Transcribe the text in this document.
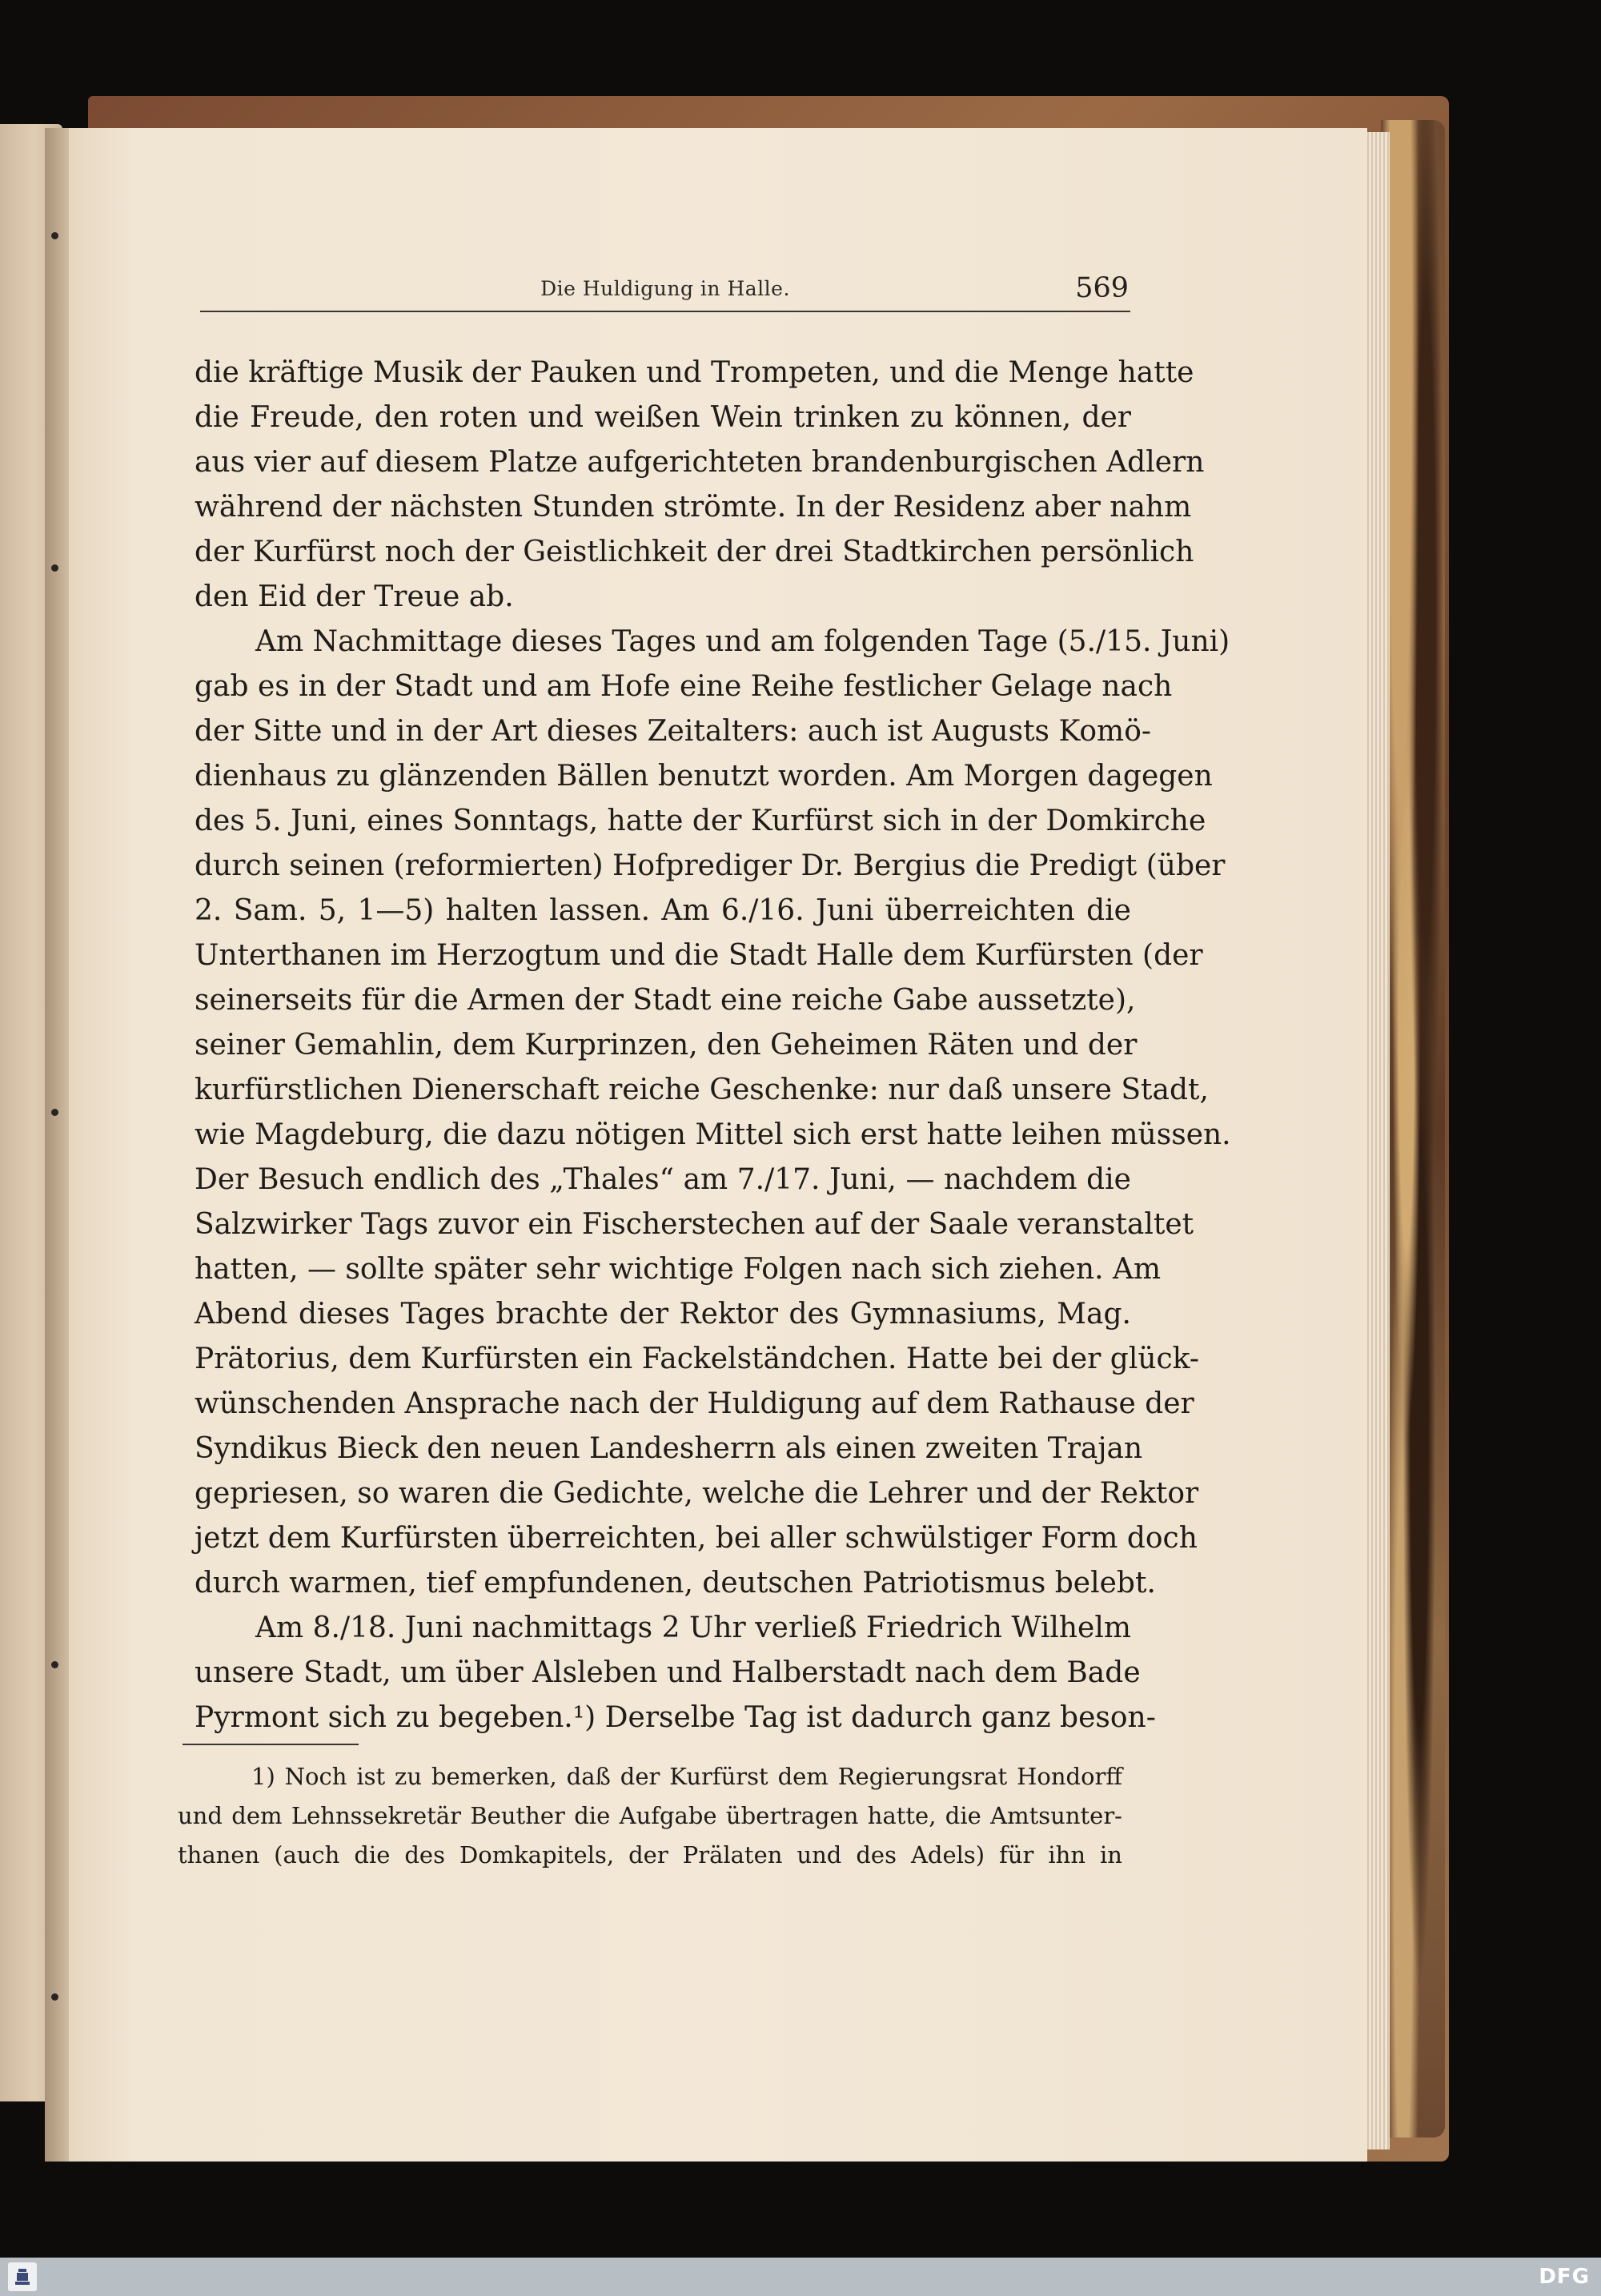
Die Huldigung in Halle.	569
die kräftige Musik der Pauken und Trompeten, und die Menge hatte
die Freude, den roten und weißen Wein trinken zu können, der
aus vier auf diesem Platze aufgerichteten brandenburgischen Adlern
während der nächsten Stunden strömte. In der Residenz aber nahm
der Kurfürst noch der Geistlichkeit der drei Stadtkirchen persönlich
den Eid der Treue ab.
Am Nachmittage dieses Tages und am folgenden Tage (5./15. Juni)
gab es in der Stadt und am Hofe eine Reihe festlicher Gelage nach
der Sitte und in der Art dieses Zeitalters: auch ist Augusts Komö-
dienhaus zu glänzenden Bällen benutzt worden. Am Morgen dagegen
des 5. Juni, eines Sonntags, hatte der Kurfürst sich in der Domkirche
durch seinen (reformierten) Hofprediger Dr. Bergius die Predigt (über
2. Sam. 5, 1—5) halten lassen. Am 6./16. Juni überreichten die
Unterthanen im Herzogtum und die Stadt Halle dem Kurfürsten (der
seinerseits für die Armen der Stadt eine reiche Gabe aussetzte),
seiner Gemahlin, dem Kurprinzen, den Geheimen Räten und der
kurfürstlichen Dienerschaft reiche Geschenke: nur daß unsere Stadt,
wie Magdeburg, die dazu nötigen Mittel sich erst hatte leihen müssen.
Der Besuch endlich des „Thales“ am 7./17. Juni, — nachdem die
Salzwirker Tags zuvor ein Fischerstechen auf der Saale veranstaltet
hatten, — sollte später sehr wichtige Folgen nach sich ziehen. Am
Abend dieses Tages brachte der Rektor des Gymnasiums, Mag.
Prätorius, dem Kurfürsten ein Fackelständchen. Hatte bei der glück-
wünschenden Ansprache nach der Huldigung auf dem Rathause der
Syndikus Bieck den neuen Landesherrn als einen zweiten Trajan
gepriesen, so waren die Gedichte, welche die Lehrer und der Rektor
jetzt dem Kurfürsten überreichten, bei aller schwülstiger Form doch
durch warmen, tief empfundenen, deutschen Patriotismus belebt.
Am 8./18. Juni nachmittags 2 Uhr verließ Friedrich Wilhelm
unsere Stadt, um über Alsleben und Halberstadt nach dem Bade
Pyrmont sich zu begeben.¹) Derselbe Tag ist dadurch ganz beson-
1) Noch ist zu bemerken, daß der Kurfürst dem Regierungsrat Hondorff
und dem Lehnssekretär Beuther die Aufgabe übertragen hatte, die Amtsunter-
thanen (auch die des Domkapitels, der Prälaten und des Adels) für ihn in
DFG
